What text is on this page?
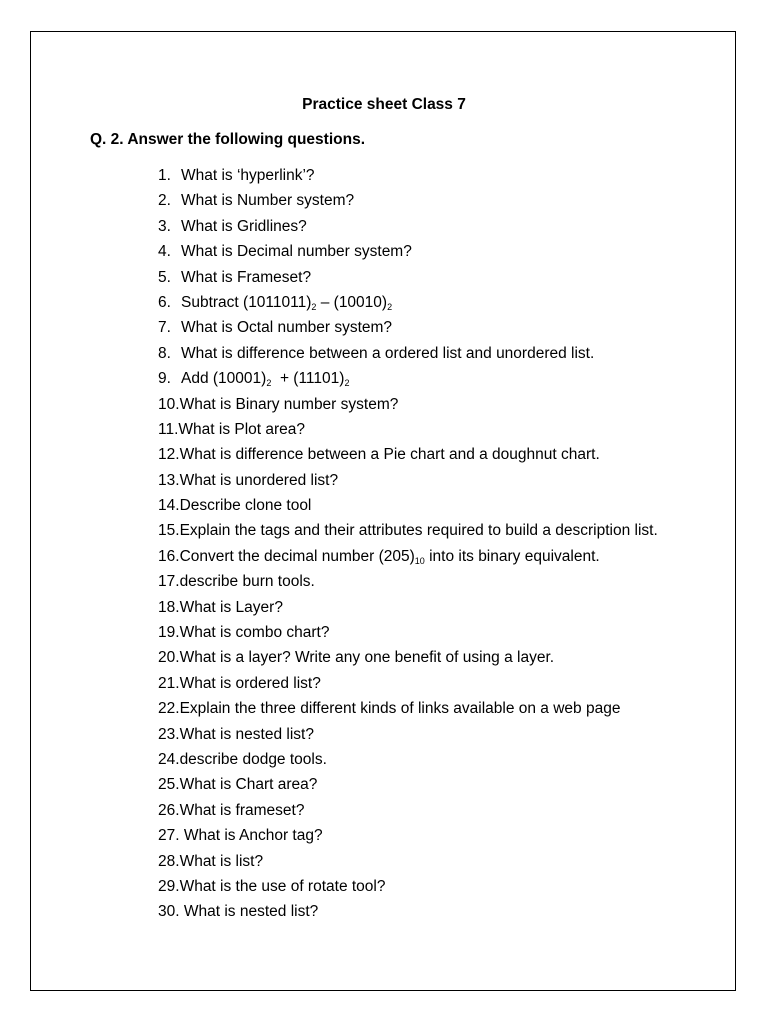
Practice sheet Class 7
Q. 2. Answer the following questions.
1. What is ‘hyperlink’?
2. What is Number system?
3. What is Gridlines?
4. What is Decimal number system?
5. What is Frameset?
6. Subtract $(1011011)_2 - (10010)_2$
7. What is Octal number system?
8. What is difference between a ordered list and unordered list.
9. Add $(10001)_2 + (11101)_2$
10.What is Binary number system?
11.What is Plot area?
12.What is difference between a Pie chart and a doughnut chart.
13.What is unordered list?
14.Describe clone tool
15.Explain the tags and their attributes required to build a description list.
16.Convert the decimal number $(205)_{10}$ into its binary equivalent.
17.describe burn tools.
18.What is Layer?
19.What is combo chart?
20.What is a layer? Write any one benefit of using a layer.
21.What is ordered list?
22.Explain the three different kinds of links available on a web page
23.What is nested list?
24.describe dodge tools.
25.What is Chart area?
26.What is frameset?
27. What is Anchor tag?
28.What is list?
29.What is the use of rotate tool?
30. What is nested list?
